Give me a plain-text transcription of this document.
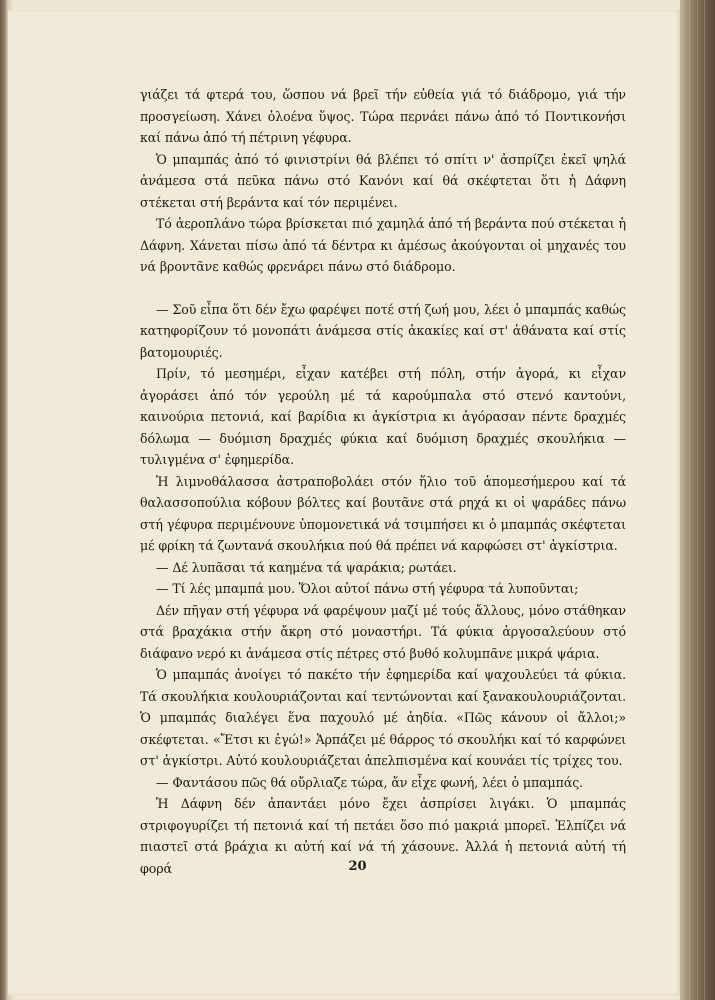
γιάζει τά φτερά του, ὥσπου νά βρεῖ τήν εὐθεία γιά τό διάδρομο, γιά τήν προσγείωση. Χάνει ὁλοένα ὕψος. Τώρα περνάει πάνω ἀπό τό Ποντικονήσι καί πάνω ἀπό τή πέτρινη γέφυρα.

Ὁ μπαμπάς ἀπό τό φινιστρίνι θά βλέπει τό σπίτι ν' ἀσπρίζει ἐκεῖ ψηλά ἀνάμεσα στά πεῦκα πάνω στό Κανόνι καί θά σκέφτεται ὅτι ἡ Δάφνη στέκεται στή βεράντα καί τόν περιμένει.

Τό ἀεροπλάνο τώρα βρίσκεται πιό χαμηλά ἀπό τή βεράντα πού στέκεται ἡ Δάφνη. Χάνεται πίσω ἀπό τά δέντρα κι ἀμέσως ἀκούγονται οἱ μηχανές του νά βροντᾶνε καθώς φρενάρει πάνω στό διάδρομο.

— Σοῦ εἶπα ὅτι δέν ἔχω φαρέψει ποτέ στή ζωή μου, λέει ὁ μπαμπάς καθώς κατηφορίζουν τό μονοπάτι ἀνάμεσα στίς ἀκακίες καί στ' ἀθάνατα καί στίς βατομουριές.

Πρίν, τό μεσημέρι, εἶχαν κατέβει στή πόλη, στήν ἀγορά, κι εἶχαν ἀγοράσει ἀπό τόν γερούλη μέ τά καρούμπαλα στό στενό καντούνι, καινούρια πετονιά, καί βαρίδια κι ἀγκίστρια κι ἀγόρασαν πέντε δραχμές δόλωμα — δυόμιση δραχμές φύκια καί δυόμιση δραχμές σκουλήκια — τυλιγμένα σ' ἐφημερίδα.

Ἡ λιμνοθάλασσα ἀστραποβολάει στόν ἥλιο τοῦ ἀπομεσήμερου καί τά θαλασσοπούλια κόβουν βόλτες καί βουτᾶνε στά ρηχά κι οἱ ψαράδες πάνω στή γέφυρα περιμένουνε ὑπομονετικά νά τσιμπήσει κι ὁ μπαμπάς σκέφτεται μέ φρίκη τά ζωντανά σκουλήκια πού θά πρέπει νά καρφώσει στ' ἀγκίστρια.

— Δέ λυπᾶσαι τά καημένα τά ψαράκια; ρωτάει.

— Τί λές μπαμπά μου. Ὅλοι αὐτοί πάνω στή γέφυρα τά λυποῦνται;

Δέν πῆγαν στή γέφυρα νά φαρέψουν μαζί μέ τούς ἄλλους, μόνο στάθηκαν στά βραχάκια στήν ἄκρη στό μοναστήρι. Τά φύκια ἀργοσαλεύουν στό διάφανο νερό κι ἀνάμεσα στίς πέτρες στό βυθό κολυμπᾶνε μικρά ψάρια.

Ὁ μπαμπάς ἀνοίγει τό πακέτο τήν ἐφημερίδα καί ψαχουλεύει τά φύκια. Τά σκουλήκια κουλουριάζονται καί τεντώνονται καί ξανακουλουριάζονται. Ὁ μπαμπάς διαλέγει ἕνα παχουλό μέ ἀηδία. «Πῶς κάνουν οἱ ἄλλοι;» σκέφτεται. «Ἔτσι κι ἐγώ!» Ἁρπάζει μέ θάρρος τό σκουλήκι καί τό καρφώνει στ' ἀγκίστρι. Αὐτό κουλουριάζεται ἀπελπισμένα καί κουνάει τίς τρίχες του.

— Φαντάσου πῶς θά οὔρλιαζε τώρα, ἄν εἶχε φωνή, λέει ὁ μπαμπάς.

Ἡ Δάφνη δέν ἀπαντάει μόνο ἔχει ἀσπρίσει λιγάκι. Ὁ μπαμπάς στριφογυρίζει τή πετονιά καί τή πετάει ὅσο πιό μακριά μπορεῖ. Ἐλπίζει νά πιαστεῖ στά βράχια κι αὐτή καί νά τή χάσουνε. Ἀλλά ἡ πετονιά αὐτή τή φορά	20
